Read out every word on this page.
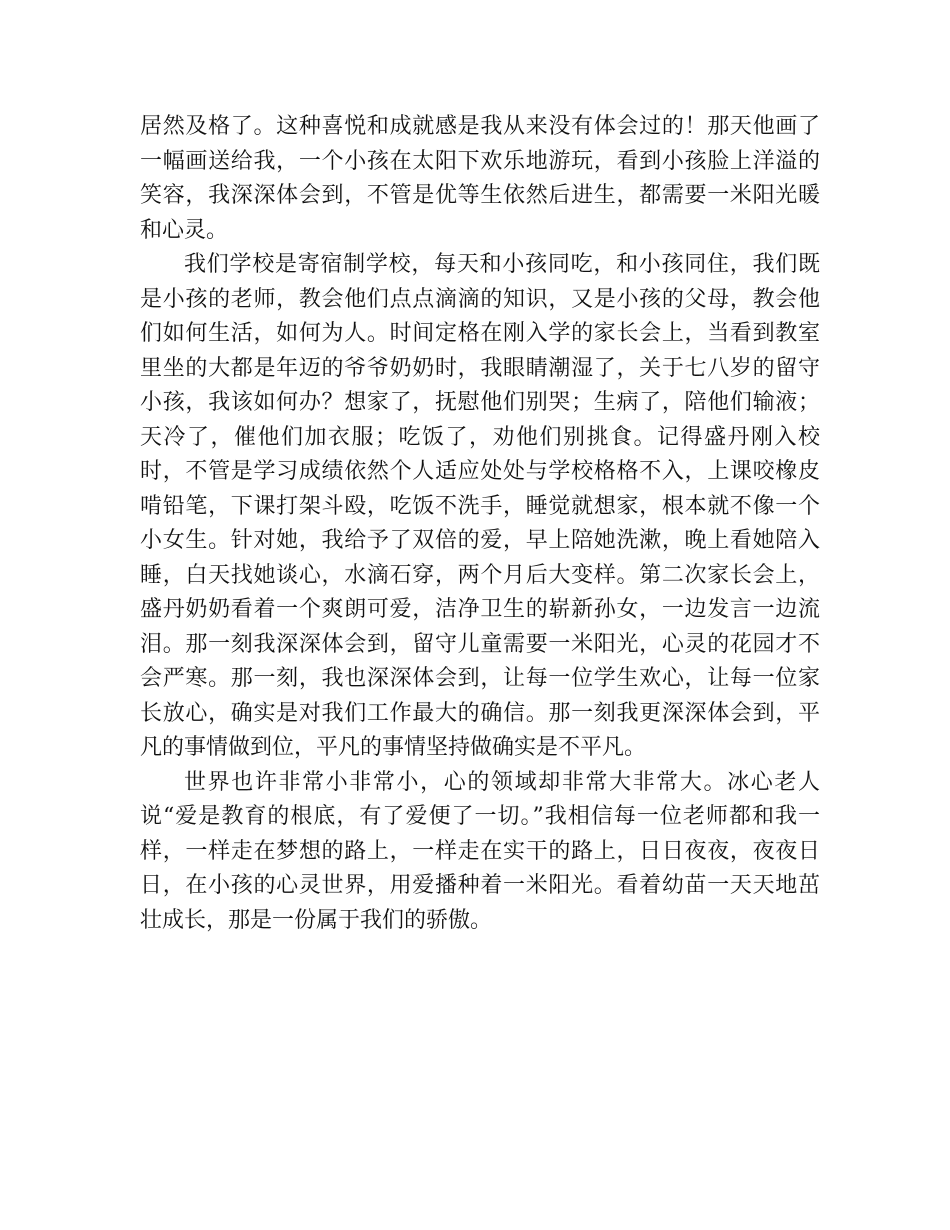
居然及格了。这种喜悦和成就感是我从来没有体会过的！那天他画了一幅画送给我，一个小孩在太阳下欢乐地游玩，看到小孩脸上洋溢的笑容，我深深体会到，不管是优等生依然后进生，都需要一米阳光暖和心灵。

我们学校是寄宿制学校，每天和小孩同吃，和小孩同住，我们既是小孩的老师，教会他们点点滴滴的知识，又是小孩的父母，教会他们如何生活，如何为人。时间定格在刚入学的家长会上，当看到教室里坐的大都是年迈的爷爷奶奶时，我眼睛潮湿了，关于七八岁的留守小孩，我该如何办？想家了，抚慰他们别哭；生病了，陪他们输液；天冷了，催他们加衣服；吃饭了，劝他们别挑食。记得盛丹刚入校时，不管是学习成绩依然个人适应处处与学校格格不入，上课咬橡皮啃铅笔，下课打架斗殴，吃饭不洗手，睡觉就想家，根本就不像一个小女生。针对她，我给予了双倍的爱，早上陪她洗漱，晚上看她陪入睡，白天找她谈心，水滴石穿，两个月后大变样。第二次家长会上，盛丹奶奶看着一个爽朗可爱，洁净卫生的崭新孙女，一边发言一边流泪。那一刻我深深体会到，留守儿童需要一米阳光，心灵的花园才不会严寒。那一刻，我也深深体会到，让每一位学生欢心，让每一位家长放心，确实是对我们工作最大的确信。那一刻我更深深体会到，平凡的事情做到位，平凡的事情坚持做确实是不平凡。

世界也许非常小非常小，心的领域却非常大非常大。冰心老人说“爱是教育的根底，有了爱便了一切。”我相信每一位老师都和我一样，一样走在梦想的路上，一样走在实干的路上，日日夜夜，夜夜日日，在小孩的心灵世界，用爱播种着一米阳光。看着幼苗一天天地茁壮成长，那是一份属于我们的骄傲。
